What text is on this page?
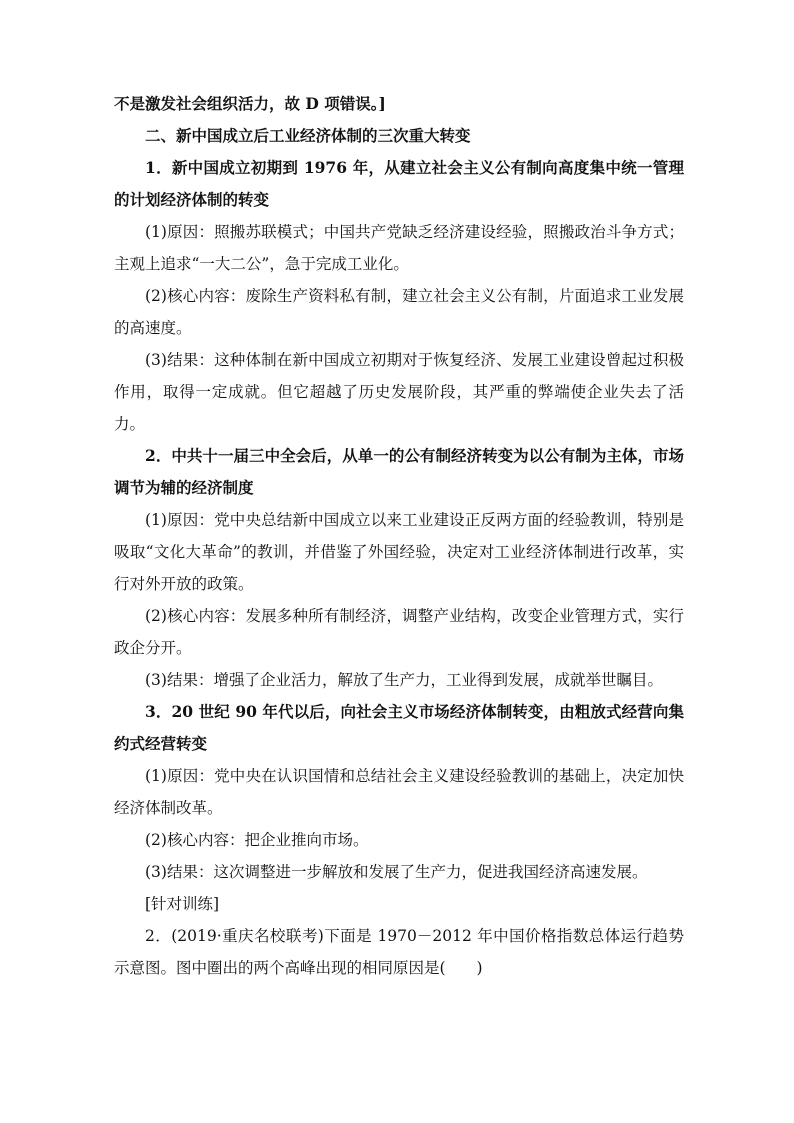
不是激发社会组织活力，故 D 项错误。]

二、新中国成立后工业经济体制的三次重大转变

1．新中国成立初期到 1976 年，从建立社会主义公有制向高度集中统一管理的计划经济体制的转变

(1)原因：照搬苏联模式；中国共产党缺乏经济建设经验，照搬政治斗争方式；主观上追求“一大二公”，急于完成工业化。

(2)核心内容：废除生产资料私有制，建立社会主义公有制，片面追求工业发展的高速度。

(3)结果：这种体制在新中国成立初期对于恢复经济、发展工业建设曾起过积极作用，取得一定成就。但它超越了历史发展阶段，其严重的弊端使企业失去了活力。

2．中共十一届三中全会后，从单一的公有制经济转变为以公有制为主体，市场调节为辅的经济制度

(1)原因：党中央总结新中国成立以来工业建设正反两方面的经验教训，特别是吸取“文化大革命”的教训，并借鉴了外国经验，决定对工业经济体制进行改革，实行对外开放的政策。

(2)核心内容：发展多种所有制经济，调整产业结构，改变企业管理方式，实行政企分开。

(3)结果：增强了企业活力，解放了生产力，工业得到发展，成就举世瞩目。

3．20 世纪 90 年代以后，向社会主义市场经济体制转变，由粗放式经营向集约式经营转变

(1)原因：党中央在认识国情和总结社会主义建设经验教训的基础上，决定加快经济体制改革。

(2)核心内容：把企业推向市场。

(3)结果：这次调整进一步解放和发展了生产力，促进我国经济高速发展。

[针对训练]

2．(2019·重庆名校联考)下面是 1970－2012 年中国价格指数总体运行趋势示意图。图中圈出的两个高峰出现的相同原因是(　　)
